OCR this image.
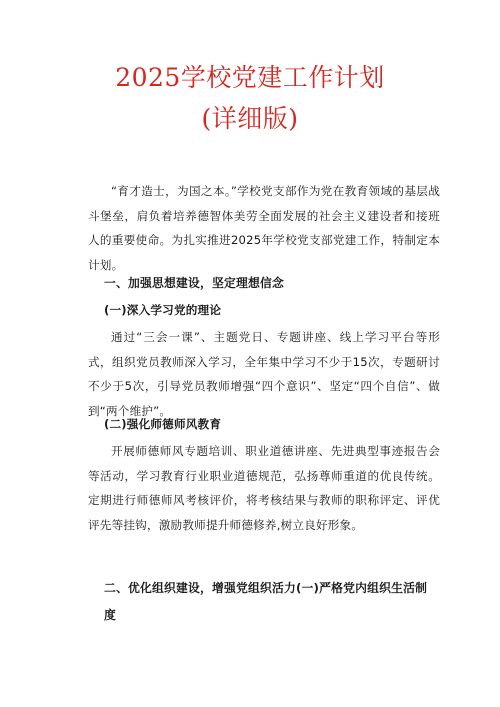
2025学校党建工作计划
(详细版)

“育才造士，为国之本。”学校党支部作为党在教育领域的基层战斗堡垒，肩负着培养德智体美劳全面发展的社会主义建设者和接班人的重要使命。为扎实推进2025年学校党支部党建工作，特制定本计划。

一、加强思想建设，坚定理想信念
(一)深入学习党的理论

通过“三会一课”、主题党日、专题讲座、线上学习平台等形式，组织党员教师深入学习，全年集中学习不少于15次，专题研讨不少于5次，引导党员教师增强“四个意识”、坚定“四个自信”、做到“两个维护”。

(二)强化师德师风教育

开展师德师风专题培训、职业道德讲座、先进典型事迹报告会等活动，学习教育行业职业道德规范，弘扬尊师重道的优良传统。定期进行师德师风考核评价，将考核结果与教师的职称评定、评优评先等挂钩，激励教师提升师德修养,树立良好形象。

二、优化组织建设，增强党组织活力(一)严格党内组织生活制度
